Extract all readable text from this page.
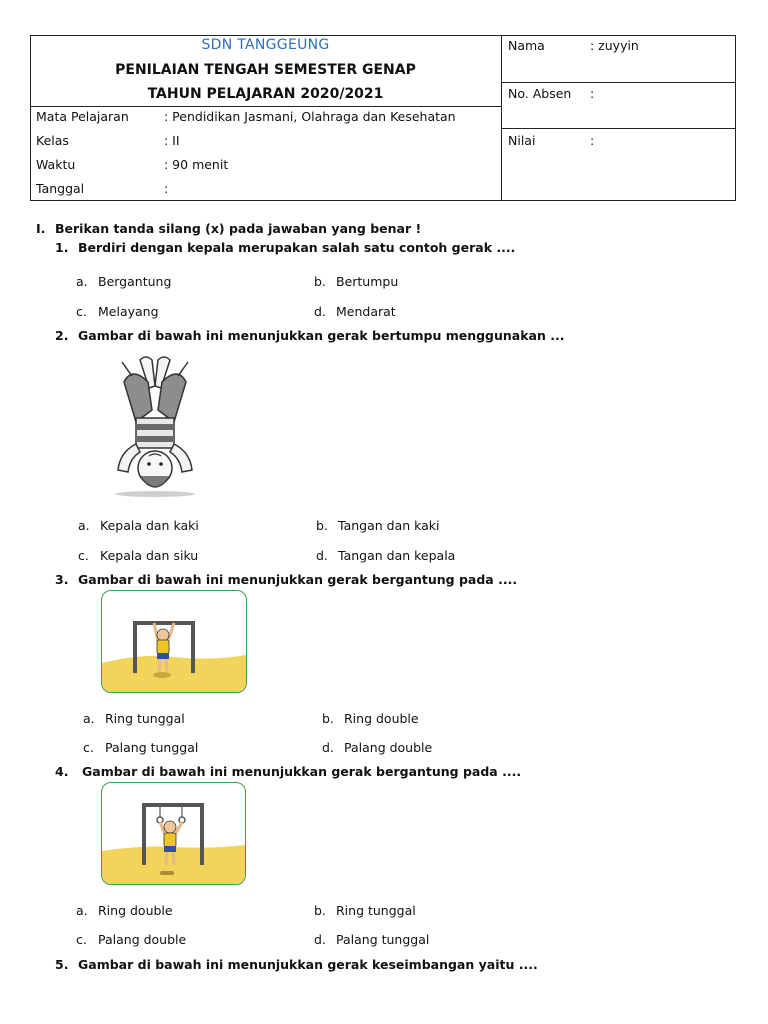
SDN TANGGEUNG
PENILAIAN TENGAH SEMESTER GENAP
TAHUN PELAJARAN 2020/2021
Mata Pelajaran	: Pendidikan Jasmani, Olahraga dan Kesehatan
Kelas	: II
Waktu	: 90 menit
Tanggal	:
Nama	: zuyyin
No. Absen :
Nilai	:
I. Berikan tanda silang (x) pada jawaban yang benar !
1. Berdiri dengan kepala merupakan salah satu contoh gerak ....
a. Bergantung	b. Bertumpu
c. Melayang	d. Mendarat
2. Gambar di bawah ini menunjukkan gerak bertumpu menggunakan ...
a. Kepala dan kaki	b. Tangan dan kaki
c. Kepala dan siku	d. Tangan dan kepala
3. Gambar di bawah ini menunjukkan gerak bergantung pada ....
a. Ring tunggal	b. Ring double
c. Palang tunggal	d. Palang double
4. Gambar di bawah ini menunjukkan gerak bergantung pada ....
a. Ring double	b. Ring tunggal
c. Palang double	d. Palang tunggal
5. Gambar di bawah ini menunjukkan gerak keseimbangan yaitu ....
